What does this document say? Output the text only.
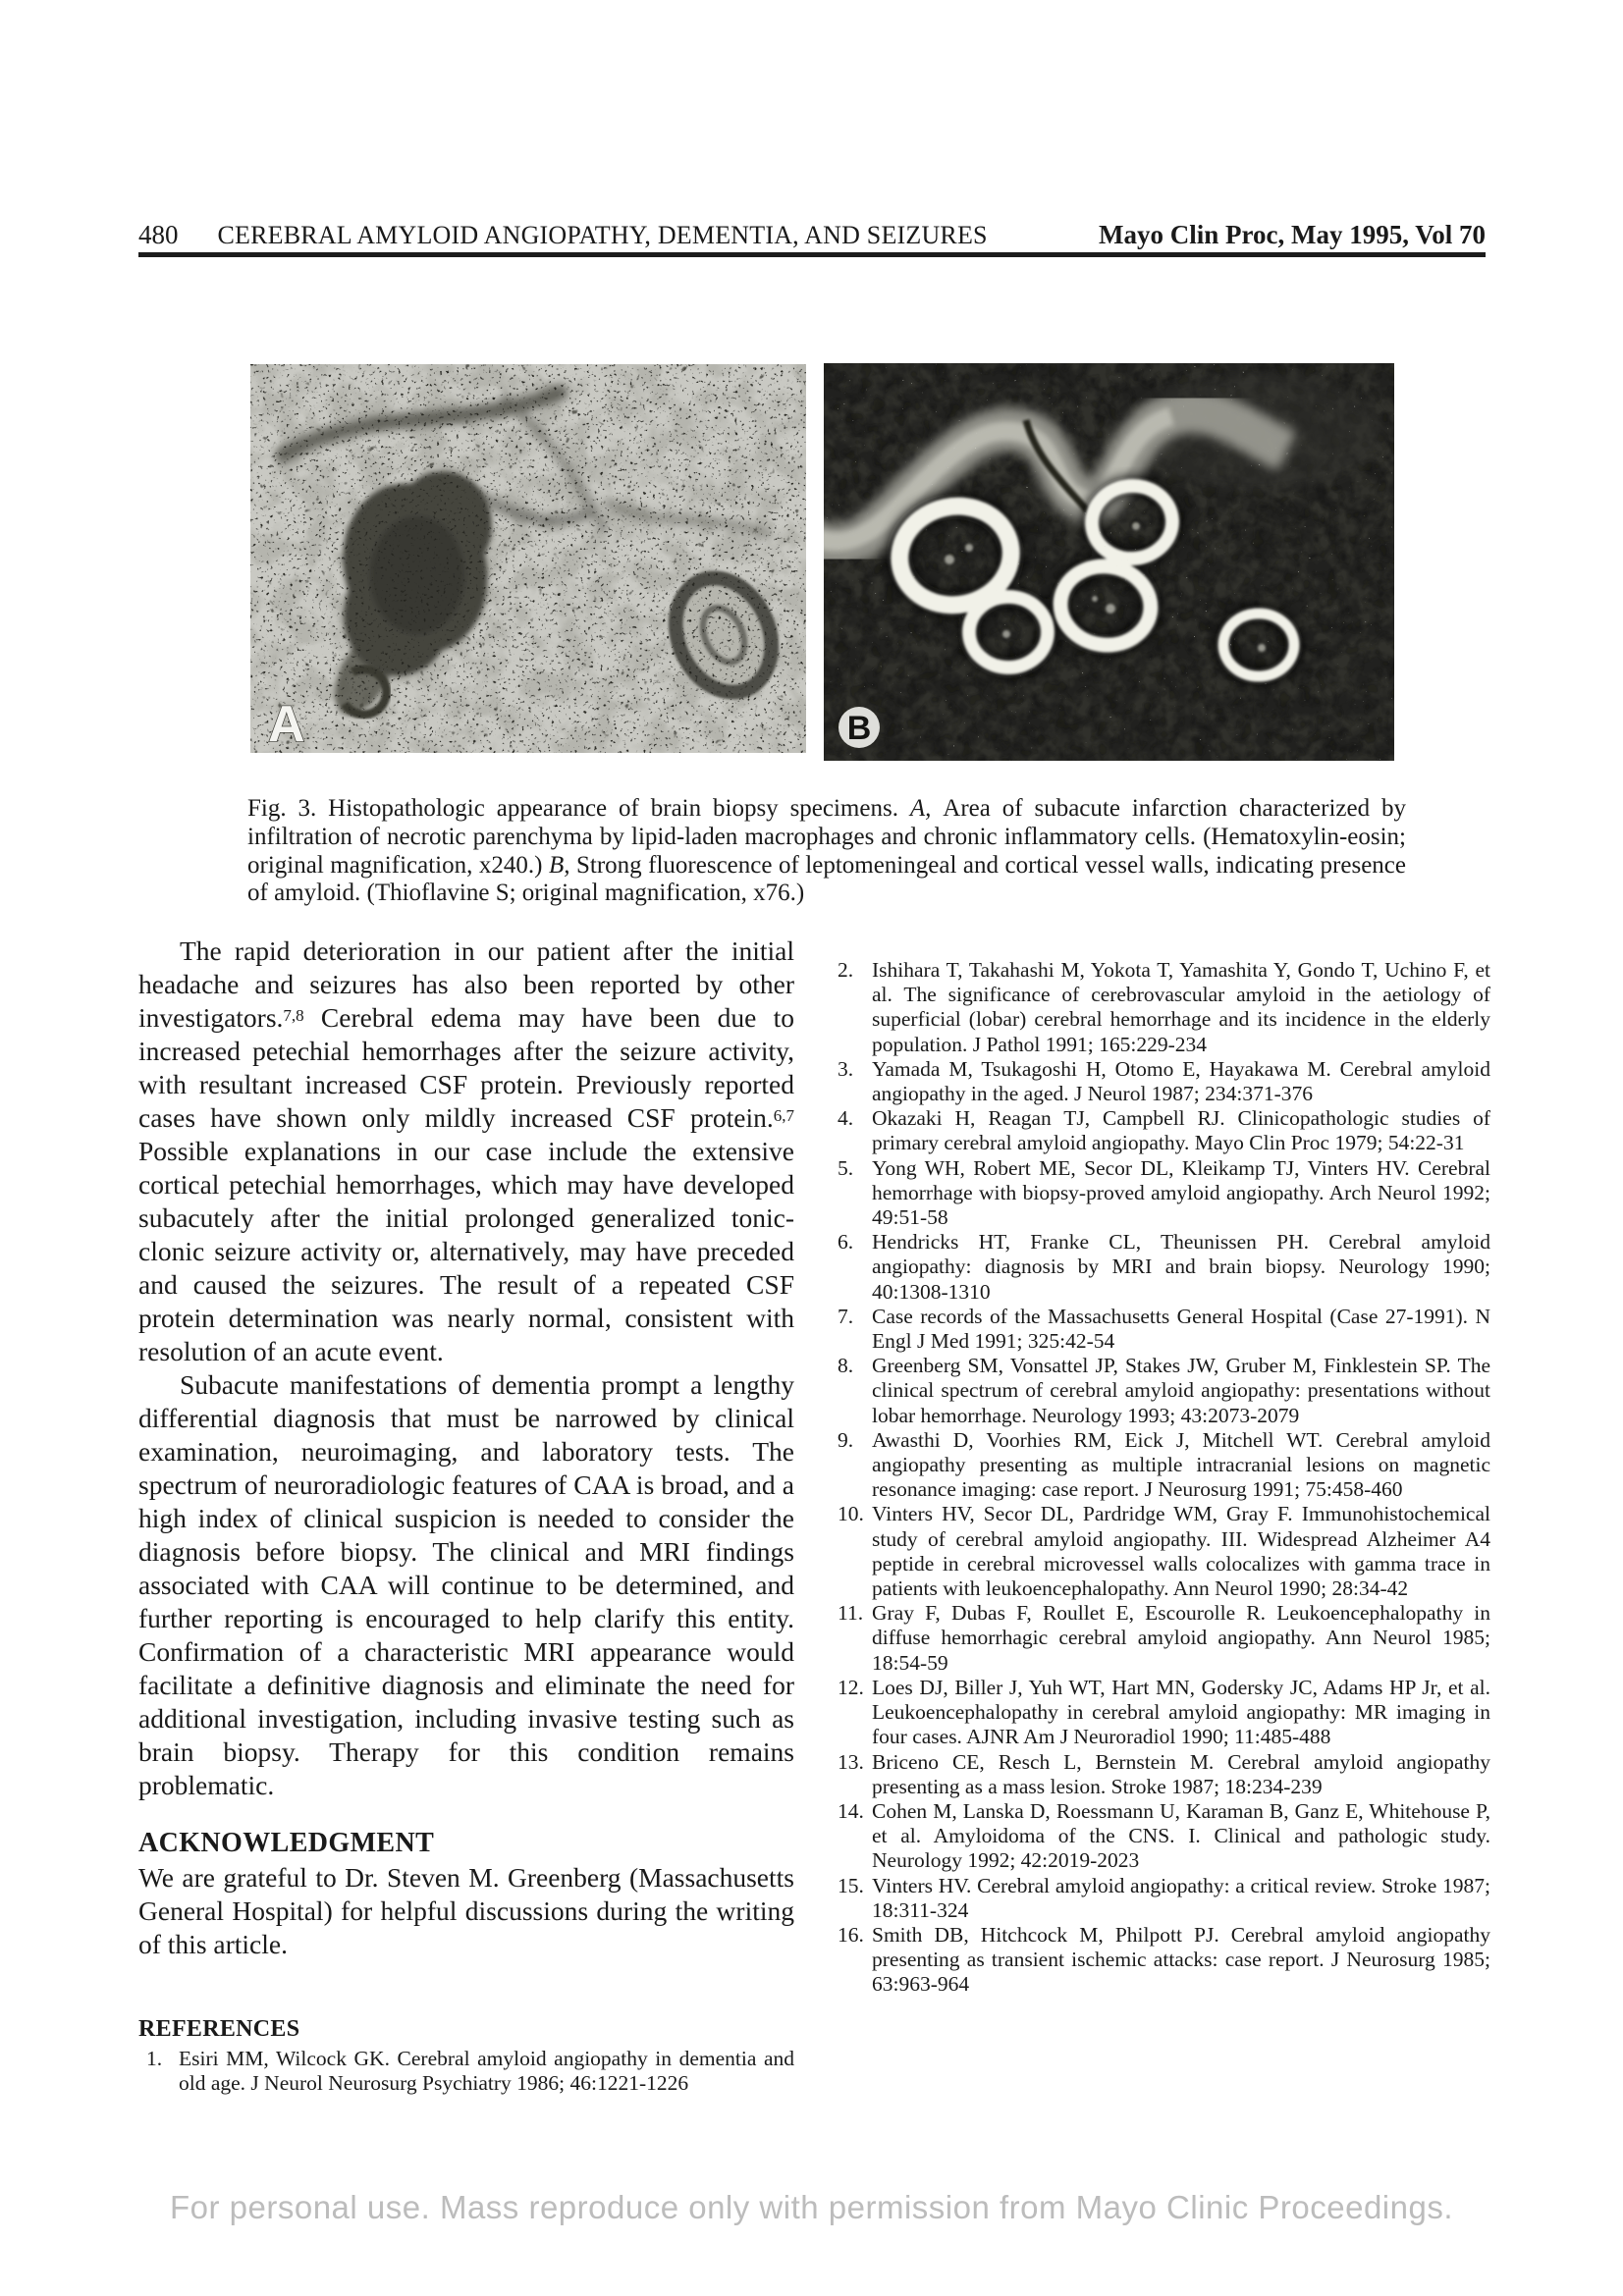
480 CEREBRAL AMYLOID ANGIOPATHY, DEMENTIA, AND SEIZURES	Mayo Clin Proc, May 1995, Vol 70
A	B

Fig. 3. Histopathologic appearance of brain biopsy specimens. A, Area of subacute infarction characterized by infiltration of necrotic parenchyma by lipid-laden macrophages and chronic inflammatory cells. (Hematoxylin-eosin; original magnification, x240.) B, Strong fluorescence of leptomeningeal and cortical vessel walls, indicating presence of amyloid. (Thioflavine S; original magnification, x76.)

The rapid deterioration in our patient after the initial headache and seizures has also been reported by other investigators.$^{7,8}$ Cerebral edema may have been due to increased petechial hemorrhages after the seizure activity, with resultant increased CSF protein. Previously reported cases have shown only mildly increased CSF protein.$^{6,7}$ Possible explanations in our case include the extensive cortical petechial hemorrhages, which may have developed subacutely after the initial prolonged generalized tonic-clonic seizure activity or, alternatively, may have preceded and caused the seizures. The result of a repeated CSF protein determination was nearly normal, consistent with resolution of an acute event.

Subacute manifestations of dementia prompt a lengthy differential diagnosis that must be narrowed by clinical examination, neuroimaging, and laboratory tests. The spectrum of neuroradiologic features of CAA is broad, and a high index of clinical suspicion is needed to consider the diagnosis before biopsy. The clinical and MRI findings associated with CAA will continue to be determined, and further reporting is encouraged to help clarify this entity. Confirmation of a characteristic MRI appearance would facilitate a definitive diagnosis and eliminate the need for additional investigation, including invasive testing such as brain biopsy. Therapy for this condition remains problematic.

ACKNOWLEDGMENT

We are grateful to Dr. Steven M. Greenberg (Massachusetts General Hospital) for helpful discussions during the writing of this article.

REFERENCES
1. Esiri MM, Wilcock GK. Cerebral amyloid angiopathy in dementia and old age. J Neurol Neurosurg Psychiatry 1986; 46:1221-1226
2. Ishihara T, Takahashi M, Yokota T, Yamashita Y, Gondo T, Uchino F, et al. The significance of cerebrovascular amyloid in the aetiology of superficial (lobar) cerebral hemorrhage and its incidence in the elderly population. J Pathol 1991; 165:229-234
3. Yamada M, Tsukagoshi H, Otomo E, Hayakawa M. Cerebral amyloid angiopathy in the aged. J Neurol 1987; 234:371-376
4. Okazaki H, Reagan TJ, Campbell RJ. Clinicopathologic studies of primary cerebral amyloid angiopathy. Mayo Clin Proc 1979; 54:22-31
5. Yong WH, Robert ME, Secor DL, Kleikamp TJ, Vinters HV. Cerebral hemorrhage with biopsy-proved amyloid angiopathy. Arch Neurol 1992; 49:51-58
6. Hendricks HT, Franke CL, Theunissen PH. Cerebral amyloid angiopathy: diagnosis by MRI and brain biopsy. Neurology 1990; 40:1308-1310
7. Case records of the Massachusetts General Hospital (Case 27-1991). N Engl J Med 1991; 325:42-54
8. Greenberg SM, Vonsattel JP, Stakes JW, Gruber M, Finklestein SP. The clinical spectrum of cerebral amyloid angiopathy: presentations without lobar hemorrhage. Neurology 1993; 43:2073-2079
9. Awasthi D, Voorhies RM, Eick J, Mitchell WT. Cerebral amyloid angiopathy presenting as multiple intracranial lesions on magnetic resonance imaging: case report. J Neurosurg 1991; 75:458-460
10. Vinters HV, Secor DL, Pardridge WM, Gray F. Immunohistochemical study of cerebral amyloid angiopathy. III. Widespread Alzheimer A4 peptide in cerebral microvessel walls colocalizes with gamma trace in patients with leukoencephalopathy. Ann Neurol 1990; 28:34-42
11. Gray F, Dubas F, Roullet E, Escourolle R. Leukoencephalopathy in diffuse hemorrhagic cerebral amyloid angiopathy. Ann Neurol 1985; 18:54-59
12. Loes DJ, Biller J, Yuh WT, Hart MN, Godersky JC, Adams HP Jr, et al. Leukoencephalopathy in cerebral amyloid angiopathy: MR imaging in four cases. AJNR Am J Neuroradiol 1990; 11:485-488
13. Briceno CE, Resch L, Bernstein M. Cerebral amyloid angiopathy presenting as a mass lesion. Stroke 1987; 18:234-239
14. Cohen M, Lanska D, Roessmann U, Karaman B, Ganz E, Whitehouse P, et al. Amyloidoma of the CNS. I. Clinical and pathologic study. Neurology 1992; 42:2019-2023
15. Vinters HV. Cerebral amyloid angiopathy: a critical review. Stroke 1987; 18:311-324
16. Smith DB, Hitchcock M, Philpott PJ. Cerebral amyloid angiopathy presenting as transient ischemic attacks: case report. J Neurosurg 1985; 63:963-964
For personal use. Mass reproduce only with permission from Mayo Clinic Proceedings.
